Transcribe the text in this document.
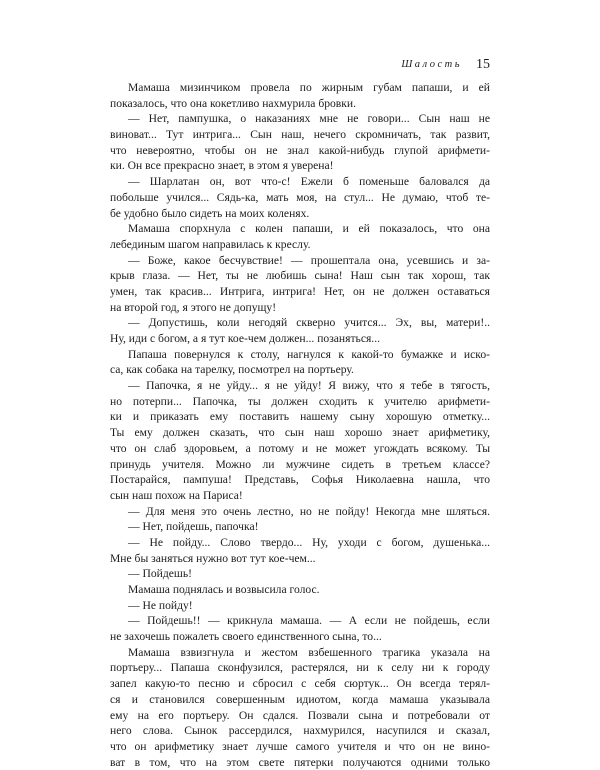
Шалость 15
Мамаша мизинчиком провела по жирным губам папаши, и ей
показалось, что она кокетливо нахмурила бровки.
— Нет, пампушка, о наказаниях мне не говори... Сын наш не
виноват... Тут интрига... Сын наш, нечего скромничать, так развит,
что невероятно, чтобы он не знал какой-нибудь глупой арифмети-
ки. Он все прекрасно знает, в этом я уверена!
— Шарлатан он, вот что-с! Ежели б поменьше баловался да
побольше учился... Сядь-ка, мать моя, на стул... Не думаю, чтоб те-
бе удобно было сидеть на моих коленях.
Мамаша спорхнула с колен папаши, и ей показалось, что она
лебединым шагом направилась к креслу.
— Боже, какое бесчувствие! — прошептала она, усевшись и за-
крыв глаза. — Нет, ты не любишь сына! Наш сын так хорош, так
умен, так красив... Интрига, интрига! Нет, он не должен оставаться
на второй год, я этого не допущу!
— Допустишь, коли негодяй скверно учится... Эх, вы, матери!..
Ну, иди с богом, а я тут кое-чем должен... позаняться...
Папаша повернулся к столу, нагнулся к какой-то бумажке и иско-
са, как собака на тарелку, посмотрел на портьеру.
— Папочка, я не уйду... я не уйду! Я вижу, что я тебе в тягость,
но потерпи... Папочка, ты должен сходить к учителю арифмети-
ки и приказать ему поставить нашему сыну хорошую отметку...
Ты ему должен сказать, что сын наш хорошо знает арифметику,
что он слаб здоровьем, а потому и не может угождать всякому. Ты
принудь учителя. Можно ли мужчине сидеть в третьем классе?
Постарайся, пампуша! Представь, Софья Николаевна нашла, что
сын наш похож на Париса!
— Для меня это очень лестно, но не пойду! Некогда мне шляться.
— Нет, пойдешь, папочка!
— Не пойду... Слово твердо... Ну, уходи с богом, душенька...
Мне бы заняться нужно вот тут кое-чем...
— Пойдешь!
Мамаша поднялась и возвысила голос.
— Не пойду!
— Пойдешь!! — крикнула мамаша. — А если не пойдешь, если
не захочешь пожалеть своего единственного сына, то...
Мамаша взвизгнула и жестом взбешенного трагика указала на
портьеру... Папаша сконфузился, растерялся, ни к селу ни к городу
запел какую-то песню и сбросил с себя сюртук... Он всегда терял-
ся и становился совершенным идиотом, когда мамаша указывала
ему на его портьеру. Он сдался. Позвали сына и потребовали от
него слова. Сынок рассердился, нахмурился, насупился и сказал,
что он арифметику знает лучше самого учителя и что он не вино-
ват в том, что на этом свете пятерки получаются одними только
